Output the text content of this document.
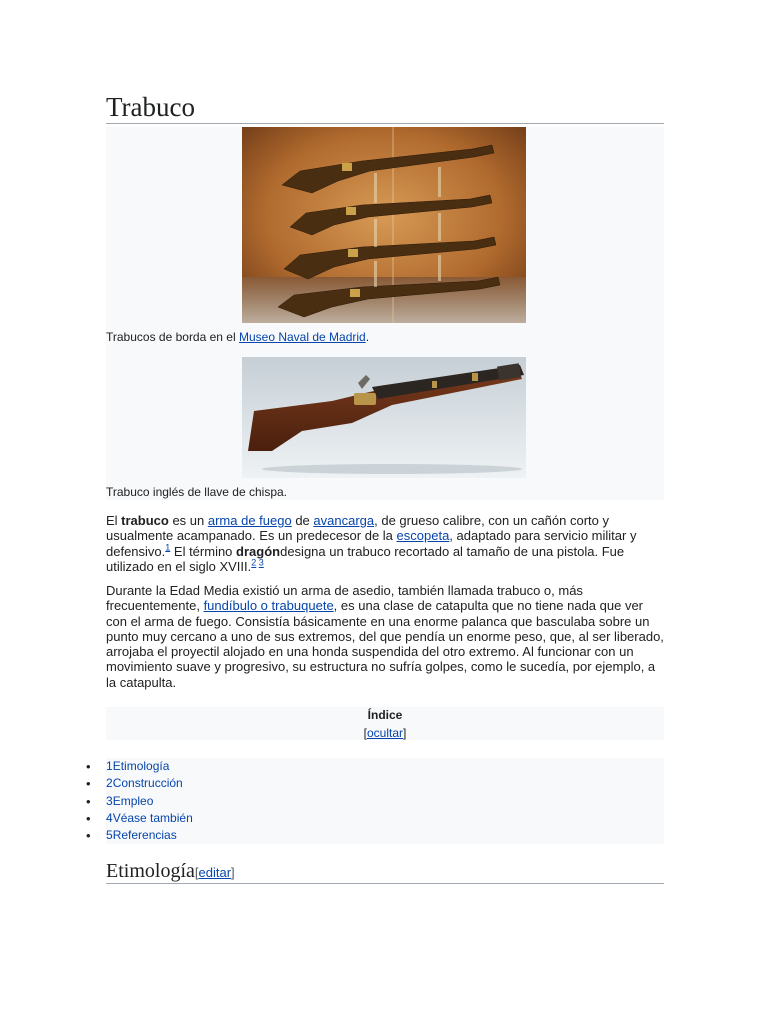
Trabuco
Trabucos de borda en el Museo Naval de Madrid.
Trabuco inglés de llave de chispa.

El trabuco es un arma de fuego de avancarga, de grueso calibre, con un cañón corto y usualmente acampanado. Es un predecesor de la escopeta, adaptado para servicio militar y defensivo.$^1$ El término dragóndesigna un trabuco recortado al tamaño de una pistola. Fue utilizado en el siglo XVIII.$^{2 3}$

Durante la Edad Media existió un arma de asedio, también llamada trabuco o, más frecuentemente, fundíbulo o trabuquete, es una clase de catapulta que no tiene nada que ver con el arma de fuego. Consistía básicamente en una enorme palanca que basculaba sobre un punto muy cercano a uno de sus extremos, del que pendía un enorme peso, que, al ser liberado, arrojaba el proyectil alojado en una honda suspendida del otro extremo. Al funcionar con un movimiento suave y progresivo, su estructura no sufría golpes, como le sucedía, por ejemplo, a la catapulta.

Índice
[ocultar]
• 1Etimología
• 2Construcción
• 3Empleo
• 4Véase también
• 5Referencias
Etimología[editar]
